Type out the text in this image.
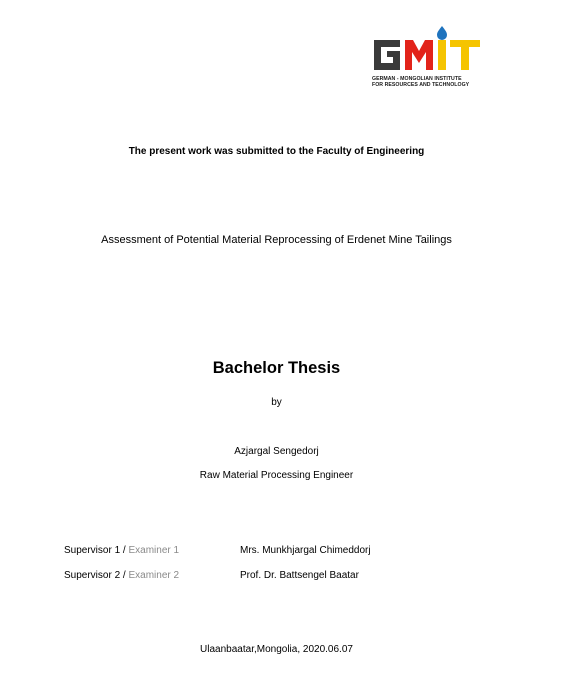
GERMAN - MONGOLIAN INSTITUTE
FOR RESOURCES AND TECHNOLOGY
The present work was submitted to the Faculty of Engineering
Assessment of Potential Material Reprocessing of Erdenet Mine Tailings
Bachelor Thesis
by
Azjargal Sengedorj
Raw Material Processing Engineer
Supervisor 1 / Examiner 1	Mrs. Munkhjargal Chimeddorj
Supervisor 2 / Examiner 2	Prof. Dr. Battsengel Baatar
Ulaanbaatar,Mongolia, 2020.06.07
